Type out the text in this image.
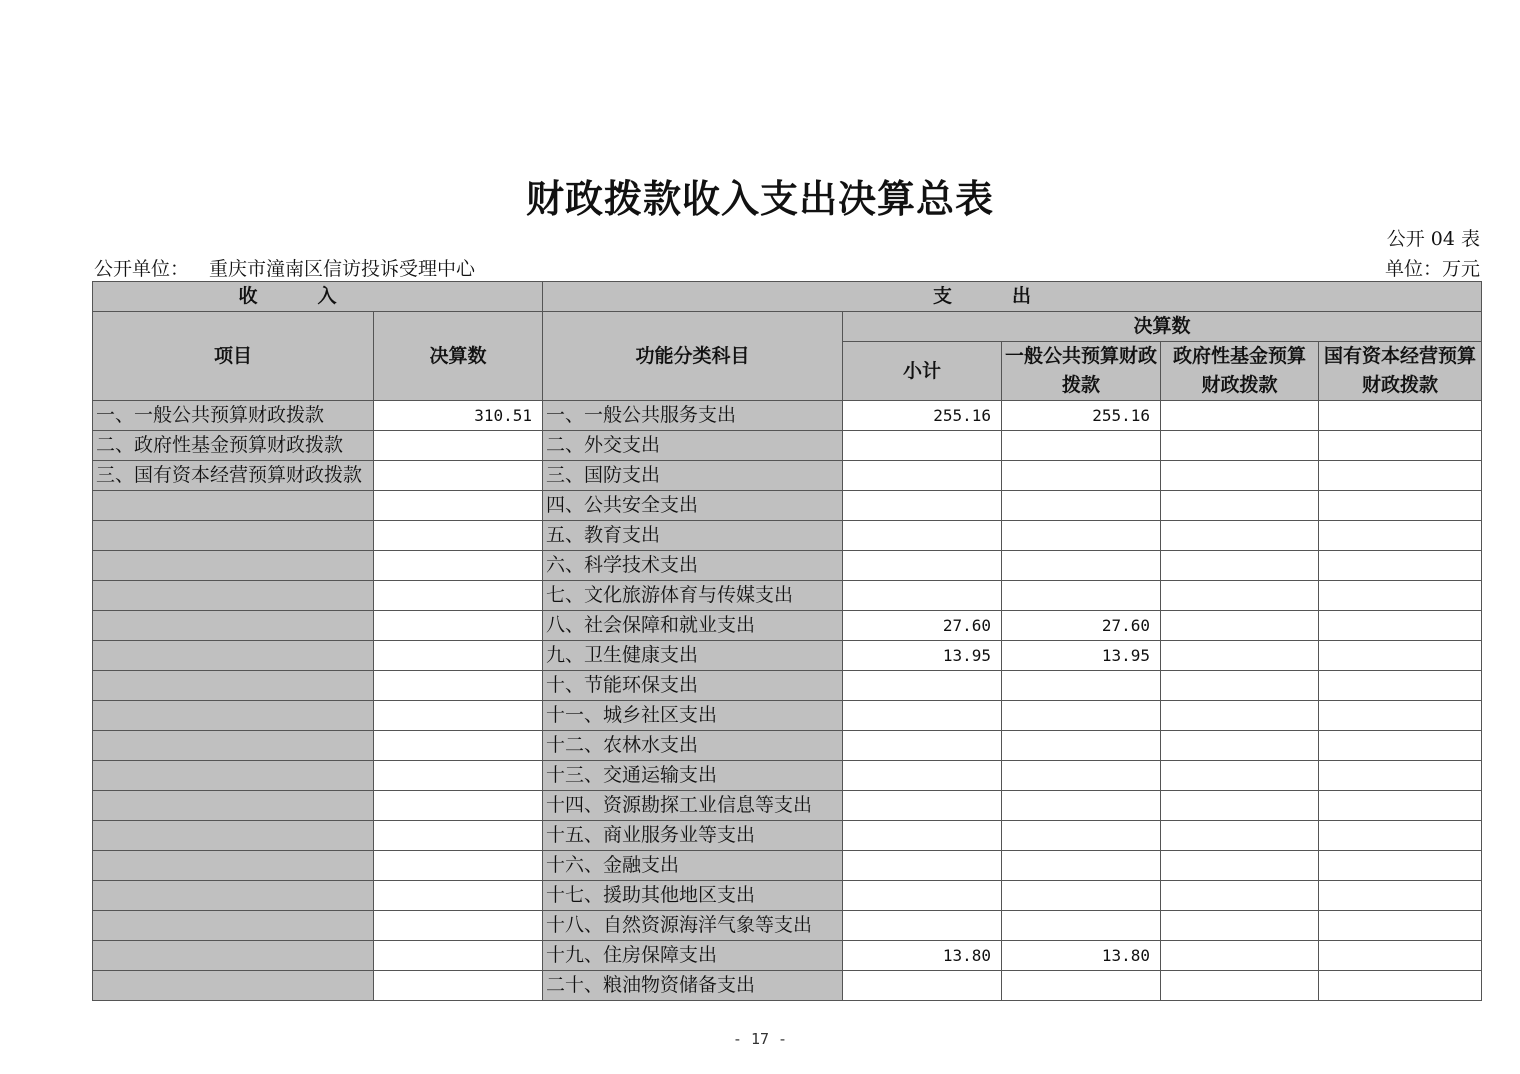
财政拨款收入支出决算总表
公开 04 表
公开单位： 重庆市潼南区信访投诉受理中心	单位：万元
收入		支出				
项目	决算数	功能分类科目	决算数			
			小计	一般公共预算财政拨款	政府性基金预算财政拨款	国有资本经营预算财政拨款

一、一般公共预算财政拨款	310.51	一、一般公共服务支出	255.16	255.16		
二、政府性基金预算财政拨款		二、外交支出				
三、国有资本经营预算财政拨款		三、国防支出				
		四、公共安全支出				
		五、教育支出				
		六、科学技术支出				
		七、文化旅游体育与传媒支出				
		八、社会保障和就业支出	27.60	27.60		
		九、卫生健康支出	13.95	13.95		
		十、节能环保支出				
		十一、城乡社区支出				
		十二、农林水支出				
		十三、交通运输支出				
		十四、资源勘探工业信息等支出				
		十五、商业服务业等支出				
		十六、金融支出				
		十七、援助其他地区支出				
		十八、自然资源海洋气象等支出				
		十九、住房保障支出	13.80	13.80		
		二十、粮油物资储备支出				
- 17 -
